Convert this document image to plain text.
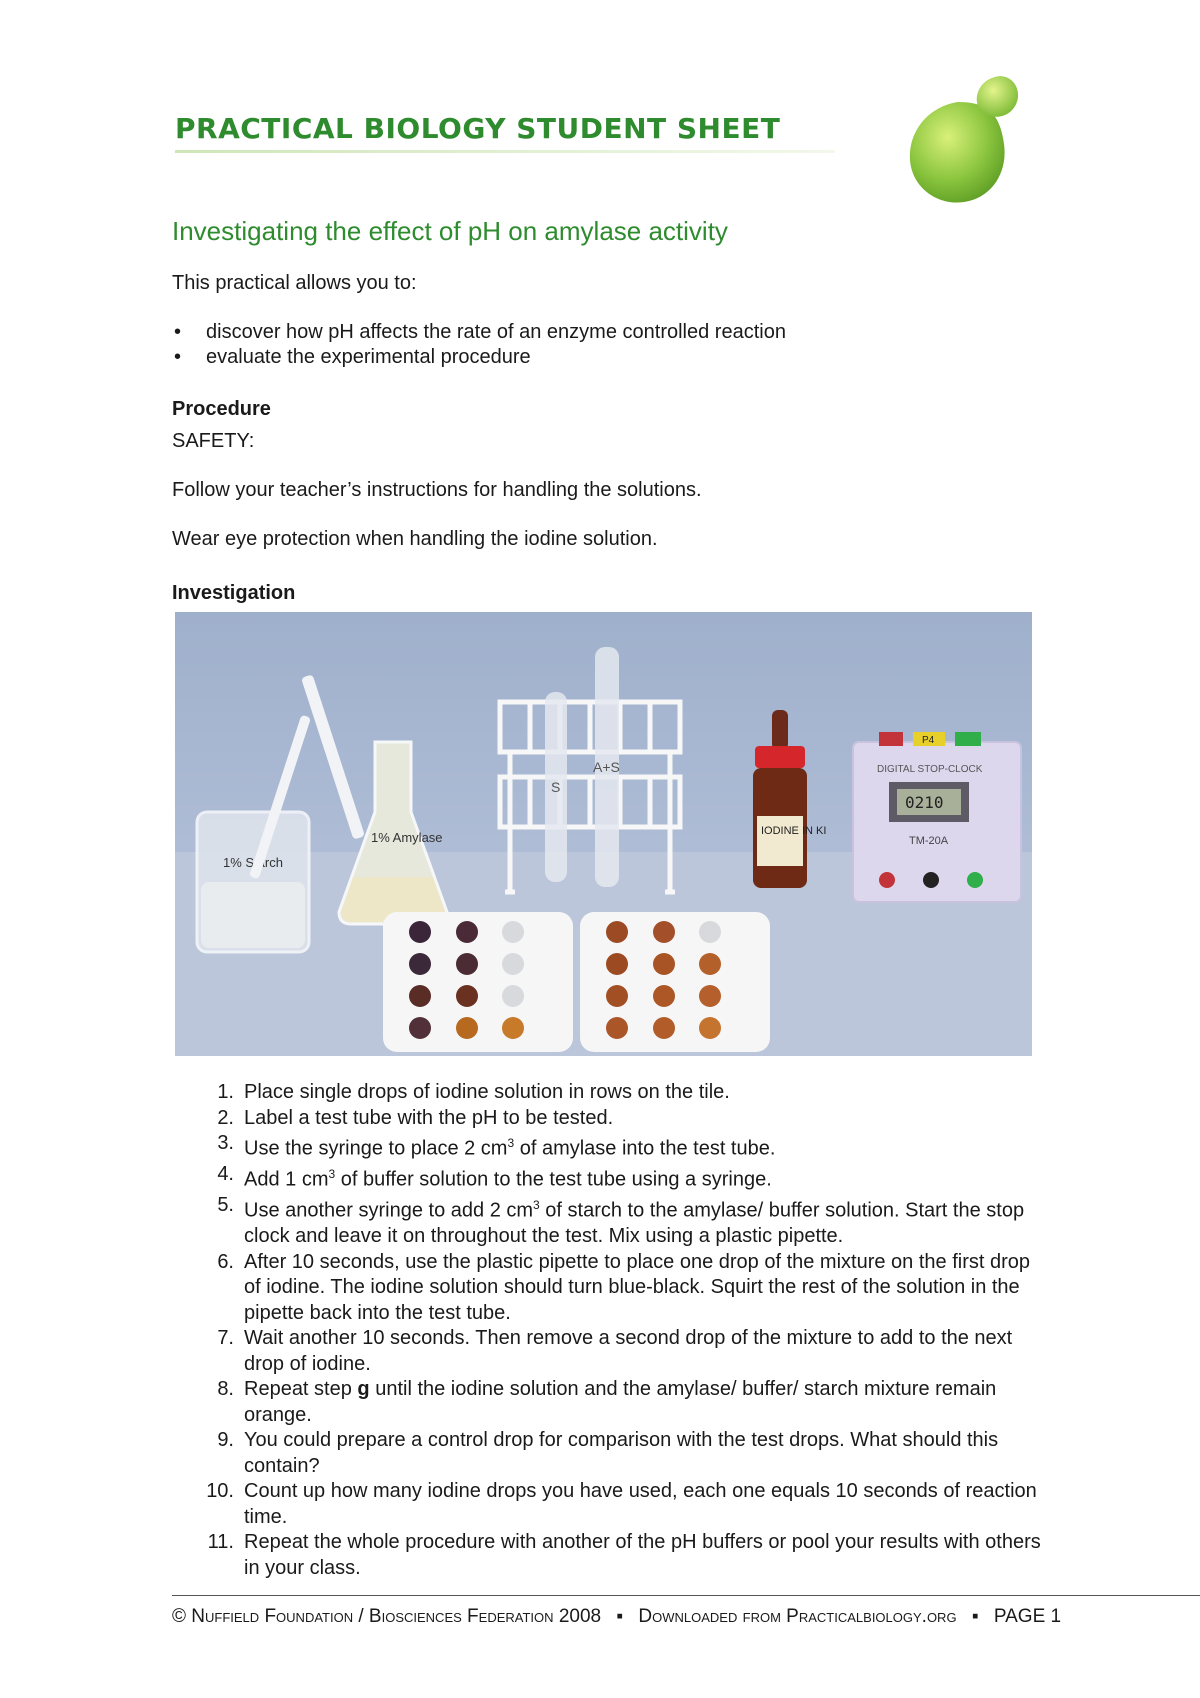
PRACTICAL BIOLOGY STUDENT SHEET
Investigating the effect of pH on amylase activity
This practical allows you to:
• discover how pH affects the rate of an enzyme controlled reaction
• evaluate the experimental procedure
Procedure
SAFETY:
Follow your teacher’s instructions for handling the solutions.
Wear eye protection when handling the iodine solution.
Investigation
1% Starch
1% Amylase
S
A+S
IODINE IN KI
P4
DIGITAL STOP-CLOCK
0210
TM-20A
1. Place single drops of iodine solution in rows on the tile.
2. Label a test tube with the pH to be tested.
3. Use the syringe to place 2 $cm^3$ of amylase into the test tube.
4. Add 1 $cm^3$ of buffer solution to the test tube using a syringe.
5. Use another syringe to add 2 $cm^3$ of starch to the amylase/ buffer solution. Start the stop clock and leave it on throughout the test. Mix using a plastic pipette.
6. After 10 seconds, use the plastic pipette to place one drop of the mixture on the first drop of iodine. The iodine solution should turn blue-black. Squirt the rest of the solution in the pipette back into the test tube.
7. Wait another 10 seconds. Then remove a second drop of the mixture to add to the next drop of iodine.
8. Repeat step g until the iodine solution and the amylase/ buffer/ starch mixture remain orange.
9. You could prepare a control drop for comparison with the test drops. What should this contain?
10. Count up how many iodine drops you have used, each one equals 10 seconds of reaction time.
11. Repeat the whole procedure with another of the pH buffers or pool your results with others in your class.
© Nuffield Foundation / Biosciences Federation 2008 ▪ Downloaded from Practicalbiology.org ▪ PAGE 1
